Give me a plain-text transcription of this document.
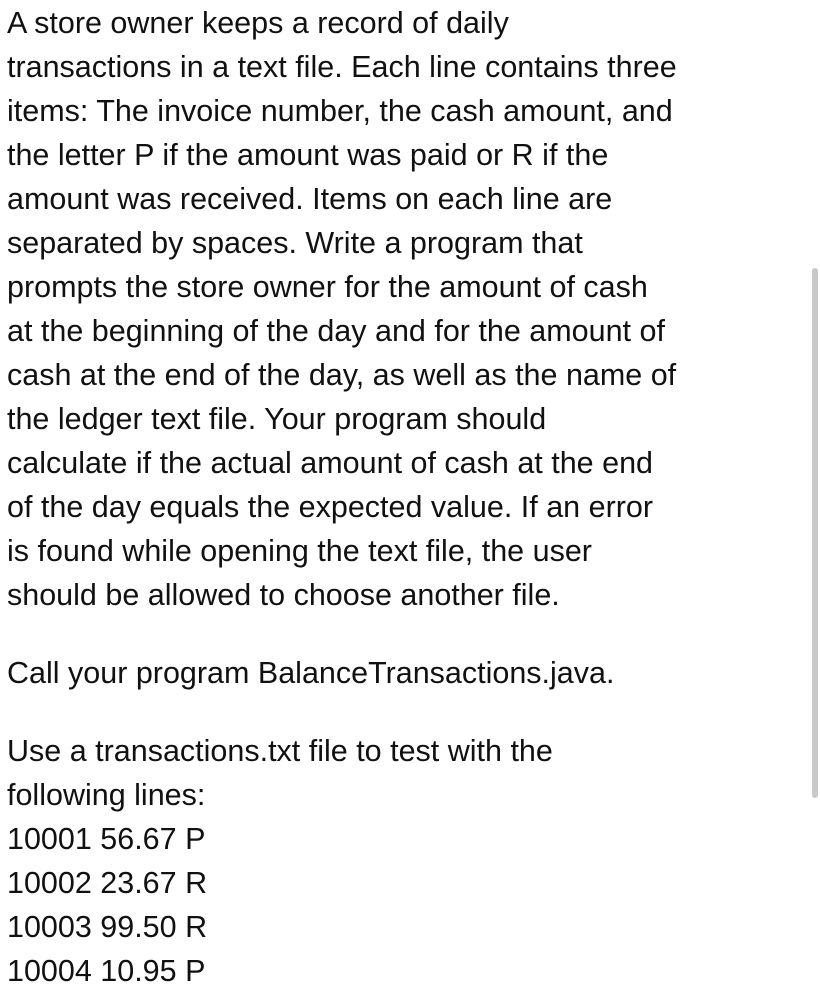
A store owner keeps a record of daily
transactions in a text file. Each line contains three
items: The invoice number, the cash amount, and
the letter P if the amount was paid or R if the
amount was received. Items on each line are
separated by spaces. Write a program that
prompts the store owner for the amount of cash
at the beginning of the day and for the amount of
cash at the end of the day, as well as the name of
the ledger text file. Your program should
calculate if the actual amount of cash at the end
of the day equals the expected value. If an error
is found while opening the text file, the user
should be allowed to choose another file.
Call your program BalanceTransactions.java.
Use a transactions.txt file to test with the
following lines:
10001 56.67 P
10002 23.67 R
10003 99.50 R
10004 10.95 P
